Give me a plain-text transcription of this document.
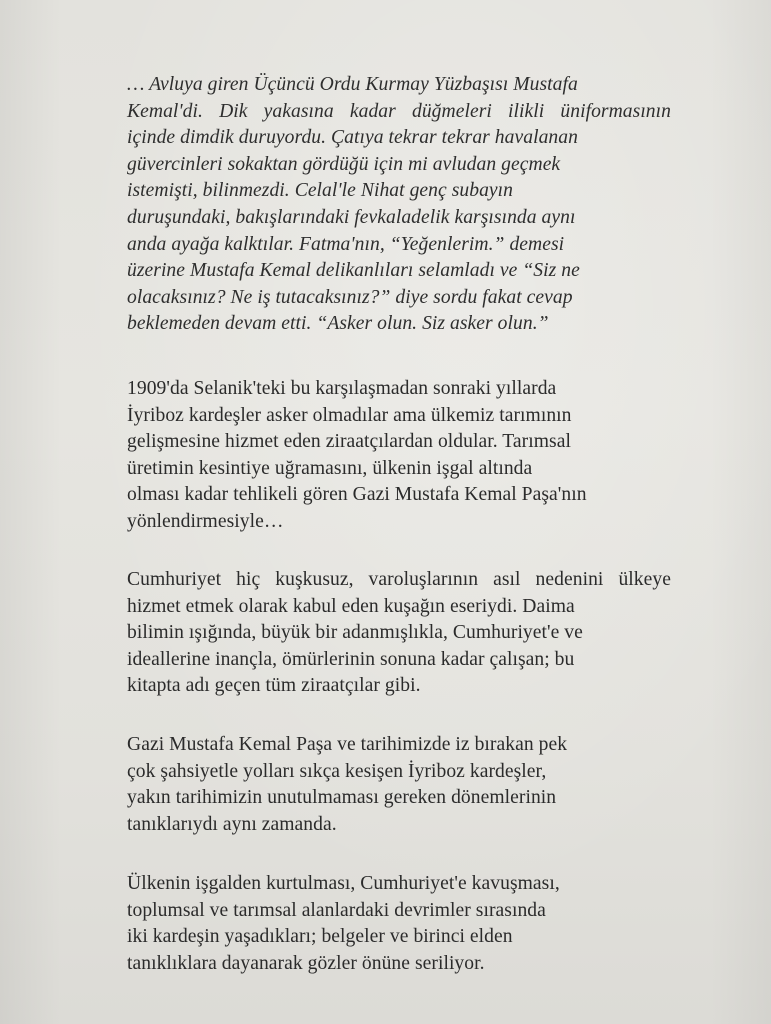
… Avluya giren Üçüncü Ordu Kurmay Yüzbaşısı Mustafa
Kemal'di. Dik yakasına kadar düğmeleri ilikli üniformasının
içinde dimdik duruyordu. Çatıya tekrar tekrar havalanan
güvercinleri sokaktan gördüğü için mi avludan geçmek
istemişti, bilinmezdi. Celal'le Nihat genç subayın
duruşundaki, bakışlarındaki fevkaladelik karşısında aynı
anda ayağa kalktılar. Fatma'nın, “Yeğenlerim.” demesi
üzerine Mustafa Kemal delikanlıları selamladı ve “Siz ne
olacaksınız? Ne iş tutacaksınız?” diye sordu fakat cevap
beklemeden devam etti. “Asker olun. Siz asker olun.”

1909'da Selanik'teki bu karşılaşmadan sonraki yıllarda
İyriboz kardeşler asker olmadılar ama ülkemiz tarımının
gelişmesine hizmet eden ziraatçılardan oldular. Tarımsal
üretimin kesintiye uğramasını, ülkenin işgal altında
olması kadar tehlikeli gören Gazi Mustafa Kemal Paşa'nın
yönlendirmesiyle…

Cumhuriyet hiç kuşkusuz, varoluşlarının asıl nedenini ülkeye
hizmet etmek olarak kabul eden kuşağın eseriydi. Daima
bilimin ışığında, büyük bir adanmışlıkla, Cumhuriyet'e ve
ideallerine inançla, ömürlerinin sonuna kadar çalışan; bu
kitapta adı geçen tüm ziraatçılar gibi.

Gazi Mustafa Kemal Paşa ve tarihimizde iz bırakan pek
çok şahsiyetle yolları sıkça kesişen İyriboz kardeşler,
yakın tarihimizin unutulmaması gereken dönemlerinin
tanıklarıydı aynı zamanda.

Ülkenin işgalden kurtulması, Cumhuriyet'e kavuşması,
toplumsal ve tarımsal alanlardaki devrimler sırasında
iki kardeşin yaşadıkları; belgeler ve birinci elden
tanıklıklara dayanarak gözler önüne seriliyor.
